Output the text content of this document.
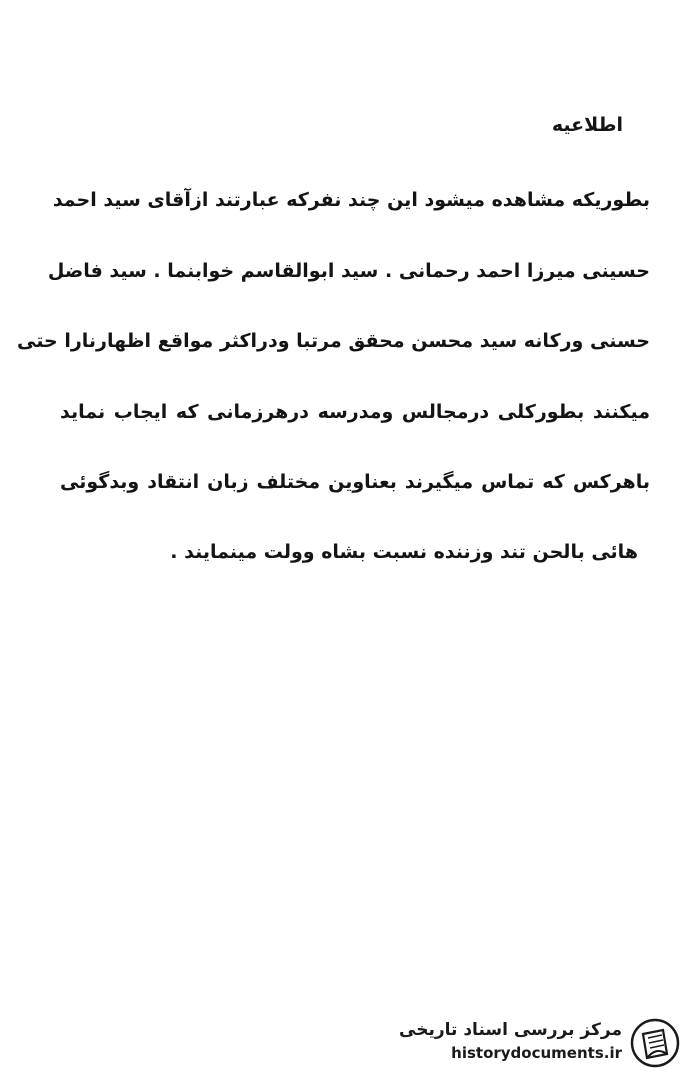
اطلاعیه
بطوریکه مشاهده میشود این چند نفرکه عبارتند ازآقای سید احمد
حسینی میرزا احمد رحمانی . سید ابوالقاسم خوابنما . سید فاضل
حسنی ورکانه سید محسن محقق مرتبا ودراکثر مواقع اظهارنارا حتی
میکنند بطورکلی درمجالس ومدرسه درهرزمانی که ایجاب نماید
باهرکس که تماس میگیرند بعناوین مختلف زبان انتقاد وبدگوئی
هائی بالحن تند وزننده نسبت بشاه وولت مینمایند .
مرکز بررسی اسناد تاریخی
historydocuments.ir
